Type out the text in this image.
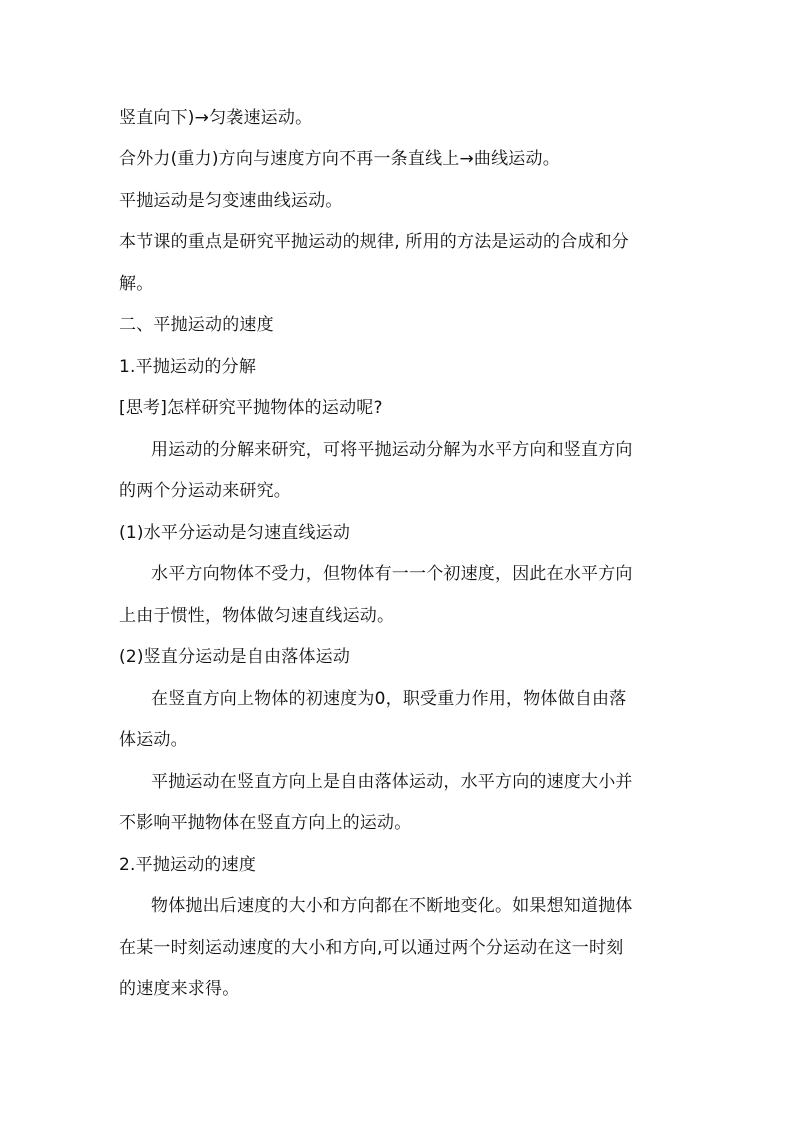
竖直向下)→匀袭速运动。

合外力(重力)方向与速度方向不再一条直线上→曲线运动。

平抛运动是匀变速曲线运动。

本节课的重点是研究平抛运动的规律, 所用的方法是运动的合成和分

解。

二、平抛运动的速度

1.平抛运动的分解

[思考]怎样研究平抛物体的运动呢?

用运动的分解来研究，可将平抛运动分解为水平方向和竖直方向

的两个分运动来研究。

(1)水平分运动是匀速直线运动

水平方向物体不受力，但物体有一一个初速度，因此在水平方向

上由于惯性，物体做匀速直线运动。

(2)竖直分运动是自由落体运动

在竖直方向上物体的初速度为0，职受重力作用，物体做自由落

体运动。

平抛运动在竖直方向上是自由落体运动，水平方向的速度大小并

不影响平抛物体在竖直方向上的运动。

2.平抛运动的速度

物体抛出后速度的大小和方向都在不断地变化。如果想知道抛体

在某一时刻运动速度的大小和方向,可以通过两个分运动在这一时刻

的速度来求得。
